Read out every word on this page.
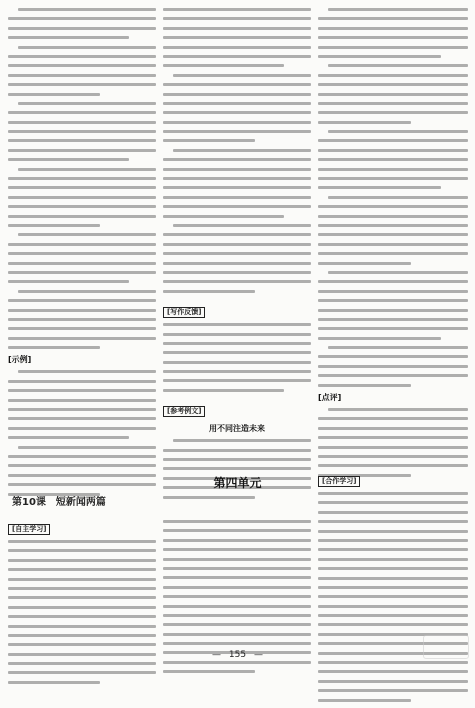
[示例]
[写作反馈]
[参考例文]
用不同注造未来
[点评]
第四单元
第10课　短新闻两篇
[自主学习]
[合作学习]
— 155 —
